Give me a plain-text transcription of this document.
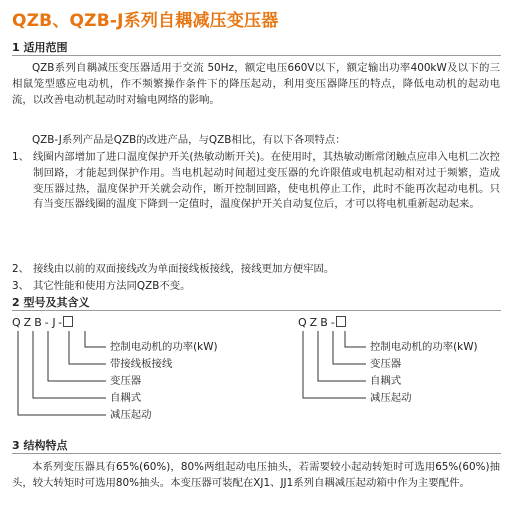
QZB、QZB-J系列自耦减压变压器
1 适用范围
QZB系列自耦减压变压器适用于交流 50Hz，额定电压660V以下，额定输出功率400kW及以下的三相鼠笼型感应电动机，作不频繁操作条件下的降压起动，利用变压器降压的特点，降低电动机的起动电流，以改善电动机起动时对输电网络的影响。
QZB-J系列产品是QZB的改进产品，与QZB相比，有以下各项特点：
1、 线圈内部增加了进口温度保护开关(热敏动断开关)。在使用时，其热敏动断常闭触点应串入电机二次控制回路，才能起到保护作用。当电机起动时间超过变压器的允许限值或电机起动相对过于频繁，造成变压器过热，温度保护开关就会动作，断开控制回路，使电机停止工作，此时不能再次起动电机。只有当变压器线圈的温度下降到一定值时，温度保护开关自动复位后，才可以将电机重新起动起来。
2、 接线由以前的双面接线改为单面接线板接线，接线更加方便牢固。
3、 其它性能和使用方法同QZB不变。
2 型号及其含义
QZB-J-	QZB-
控制电动机的功率(kW)
带接线板接线
变压器
自耦式
减压起动
控制电动机的功率(kW)
变压器
自耦式
减压起动
3 结构特点
本系列变压器具有65%(60%)，80%两组起动电压抽头，若需要较小起动转矩时可选用65%(60%)抽头，较大转矩时可选用80%抽头。本变压器可装配在XJ1、JJ1系列自耦减压起动箱中作为主要配件。
